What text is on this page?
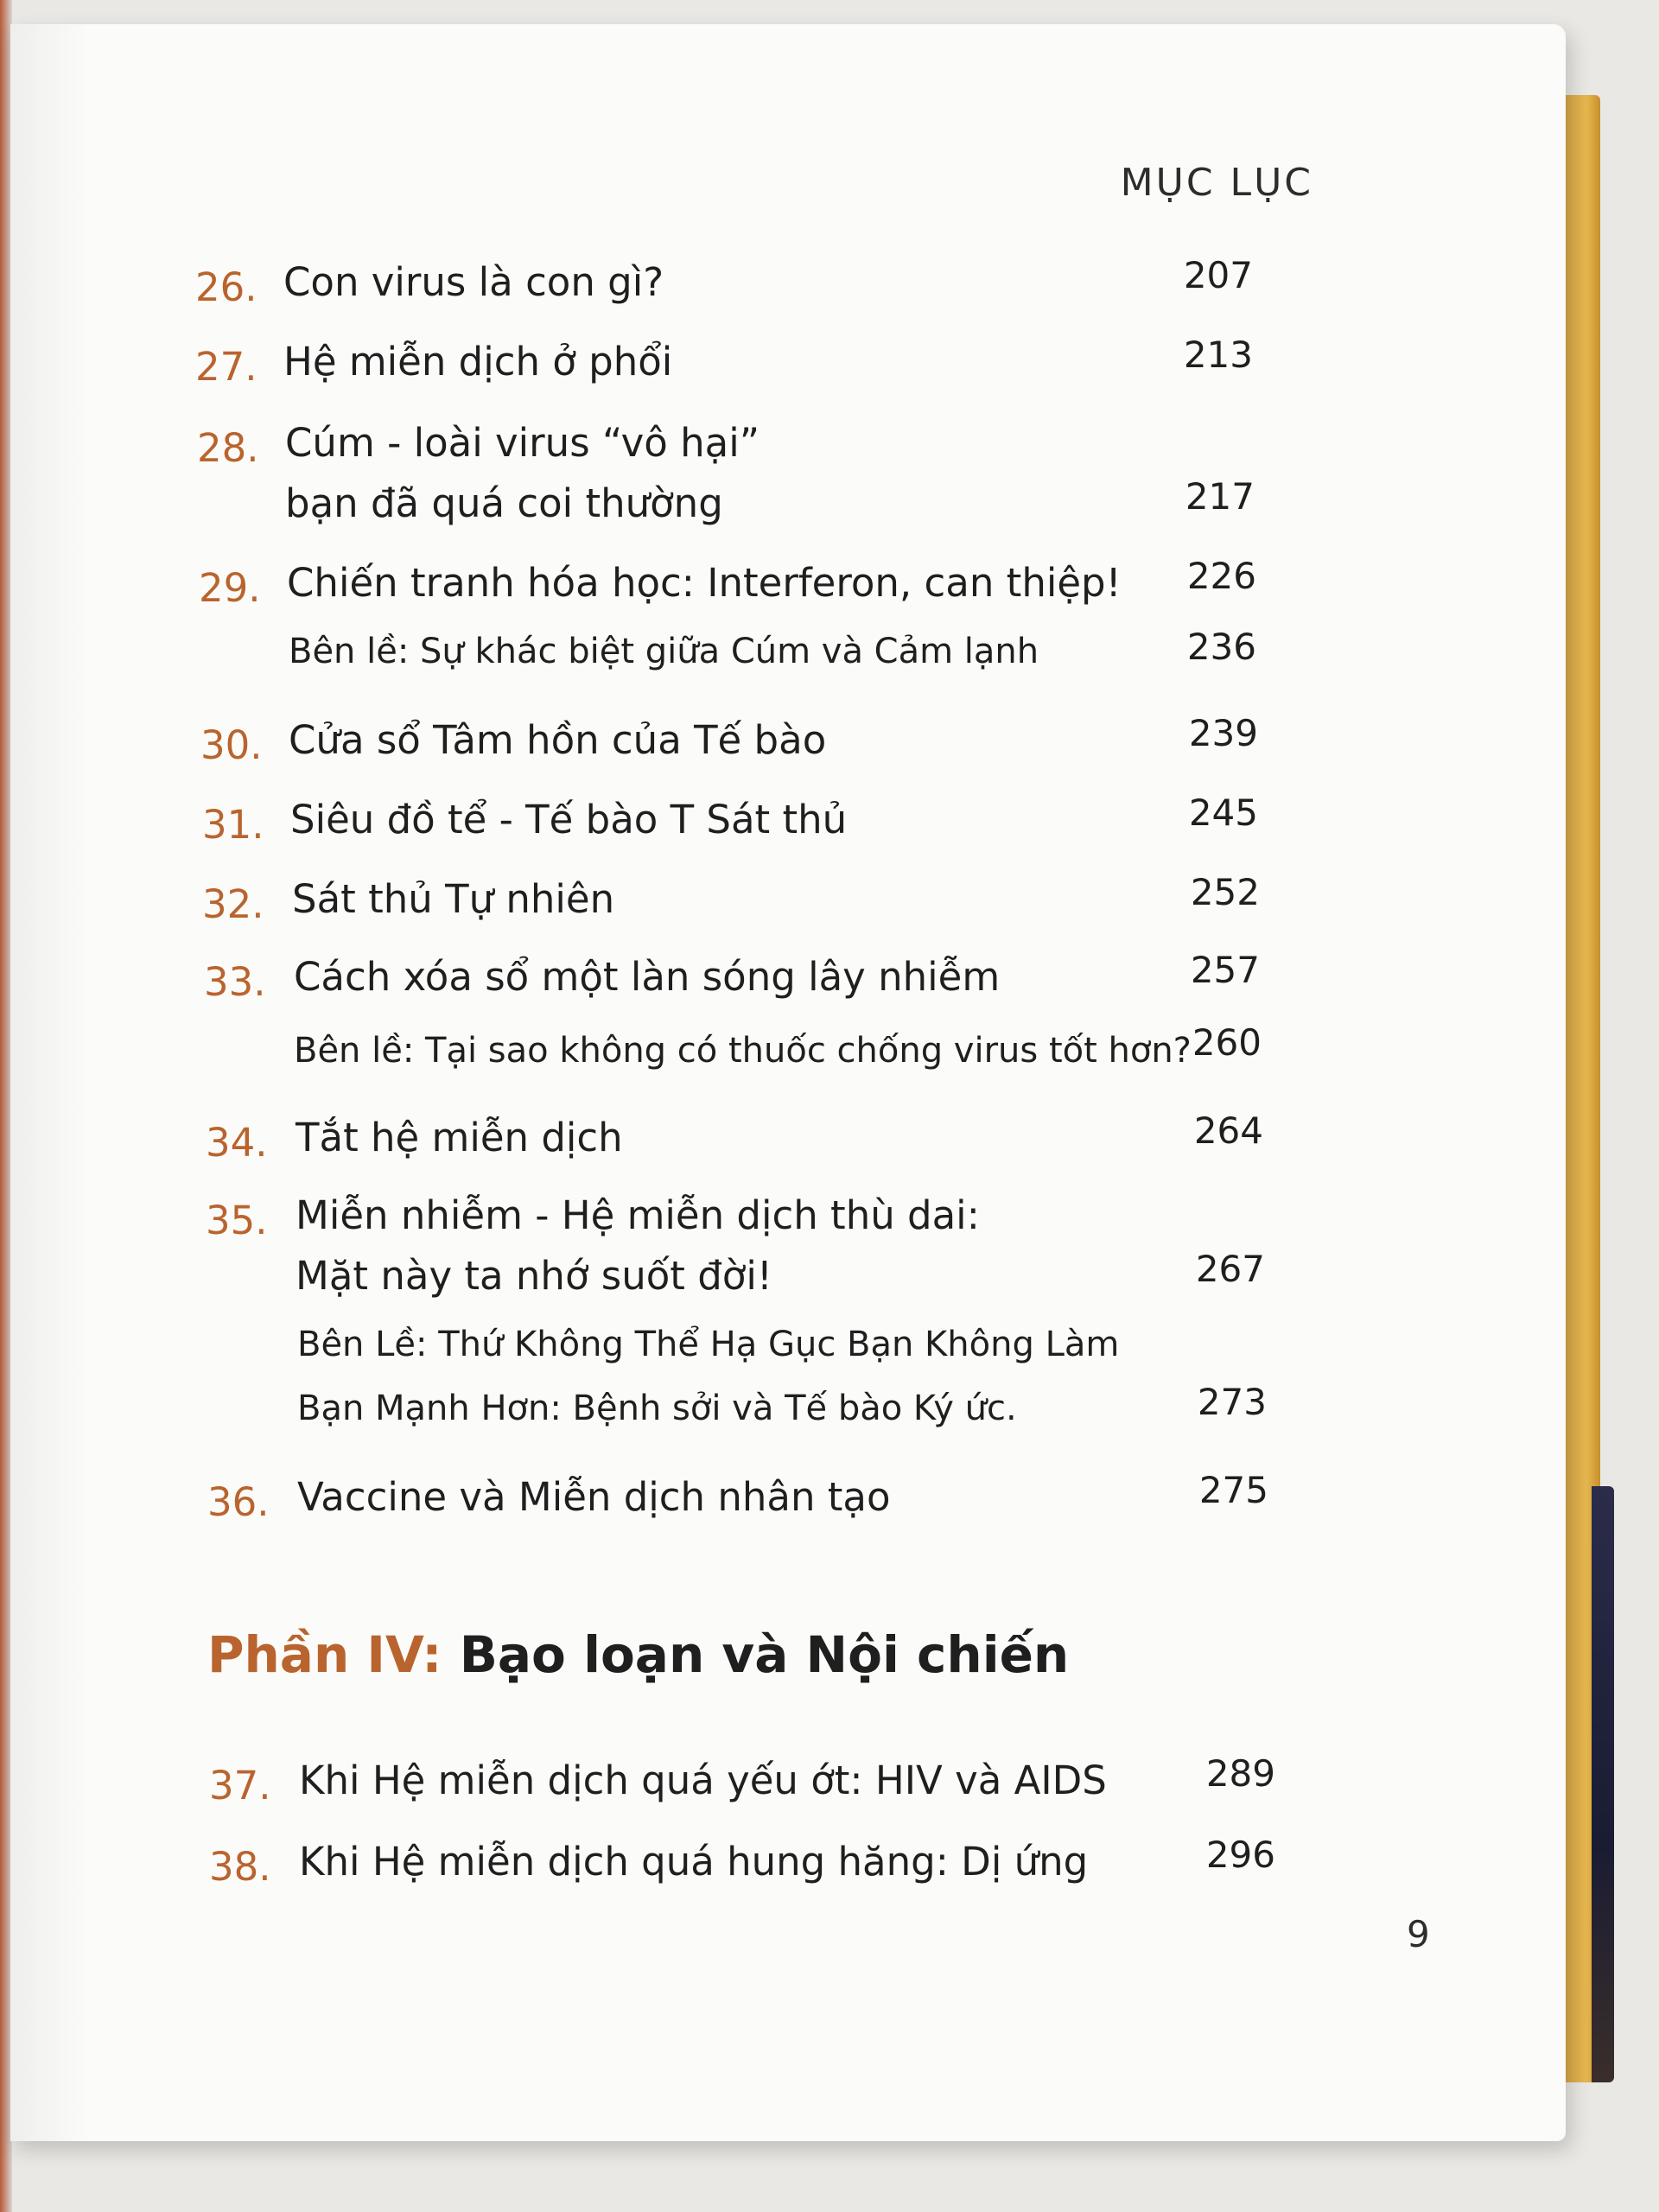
MỤC LỤC
26. Con virus là con gì?	207
27. Hệ miễn dịch ở phổi	213
28. Cúm - loài virus “vô hại”
bạn đã quá coi thường	217
29. Chiến tranh hóa học: Interferon, can thiệp!	226
Bên lề: Sự khác biệt giữa Cúm và Cảm lạnh	236
30. Cửa sổ Tâm hồn của Tế bào	239
31. Siêu đồ tể - Tế bào T Sát thủ	245
32. Sát thủ Tự nhiên	252
33. Cách xóa sổ một làn sóng lây nhiễm	257
Bên lề: Tại sao không có thuốc chống virus tốt hơn? 260
34. Tắt hệ miễn dịch	264
35. Miễn nhiễm - Hệ miễn dịch thù dai:
Mặt này ta nhớ suốt đời!	267
Bên Lề: Thứ Không Thể Hạ Gục Bạn Không Làm
Bạn Mạnh Hơn: Bệnh sởi và Tế bào Ký ức.	273
36. Vaccine và Miễn dịch nhân tạo	275
Phần IV: Bạo loạn và Nội chiến
37. Khi Hệ miễn dịch quá yếu ớt: HIV và AIDS	289
38. Khi Hệ miễn dịch quá hung hăng: Dị ứng	296
9
